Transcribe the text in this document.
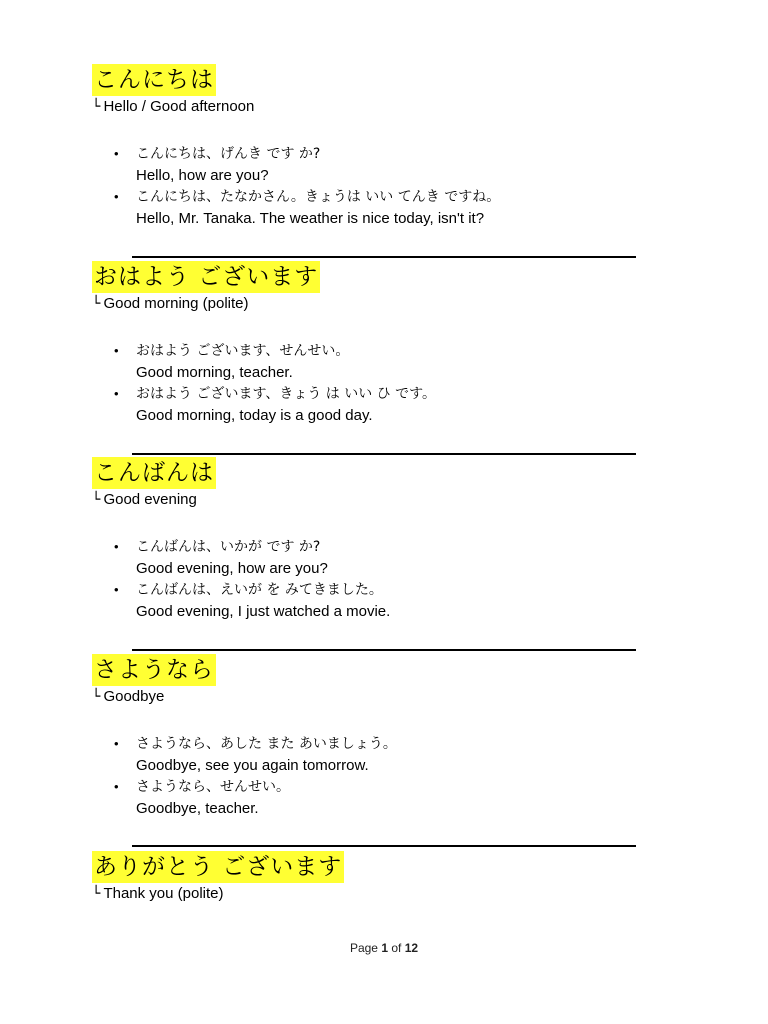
こんにちは
└ Hello / Good afternoon
• こんにちは、げんき です か?
Hello, how are you?
• こんにちは、たなかさん。きょうは いい てんき ですね。
Hello, Mr. Tanaka. The weather is nice today, isn't it?
おはよう ございます
└ Good morning (polite)
• おはよう ございます、せんせい。
Good morning, teacher.
• おはよう ございます、きょう は いい ひ です。
Good morning, today is a good day.
こんばんは
└ Good evening
• こんばんは、いかが です か?
Good evening, how are you?
• こんばんは、えいが を みてきました。
Good evening, I just watched a movie.
さようなら
└ Goodbye
• さようなら、あした また あいましょう。
Goodbye, see you again tomorrow.
• さようなら、せんせい。
Goodbye, teacher.
ありがとう ございます
└ Thank you (polite)
Page 1 of 12
